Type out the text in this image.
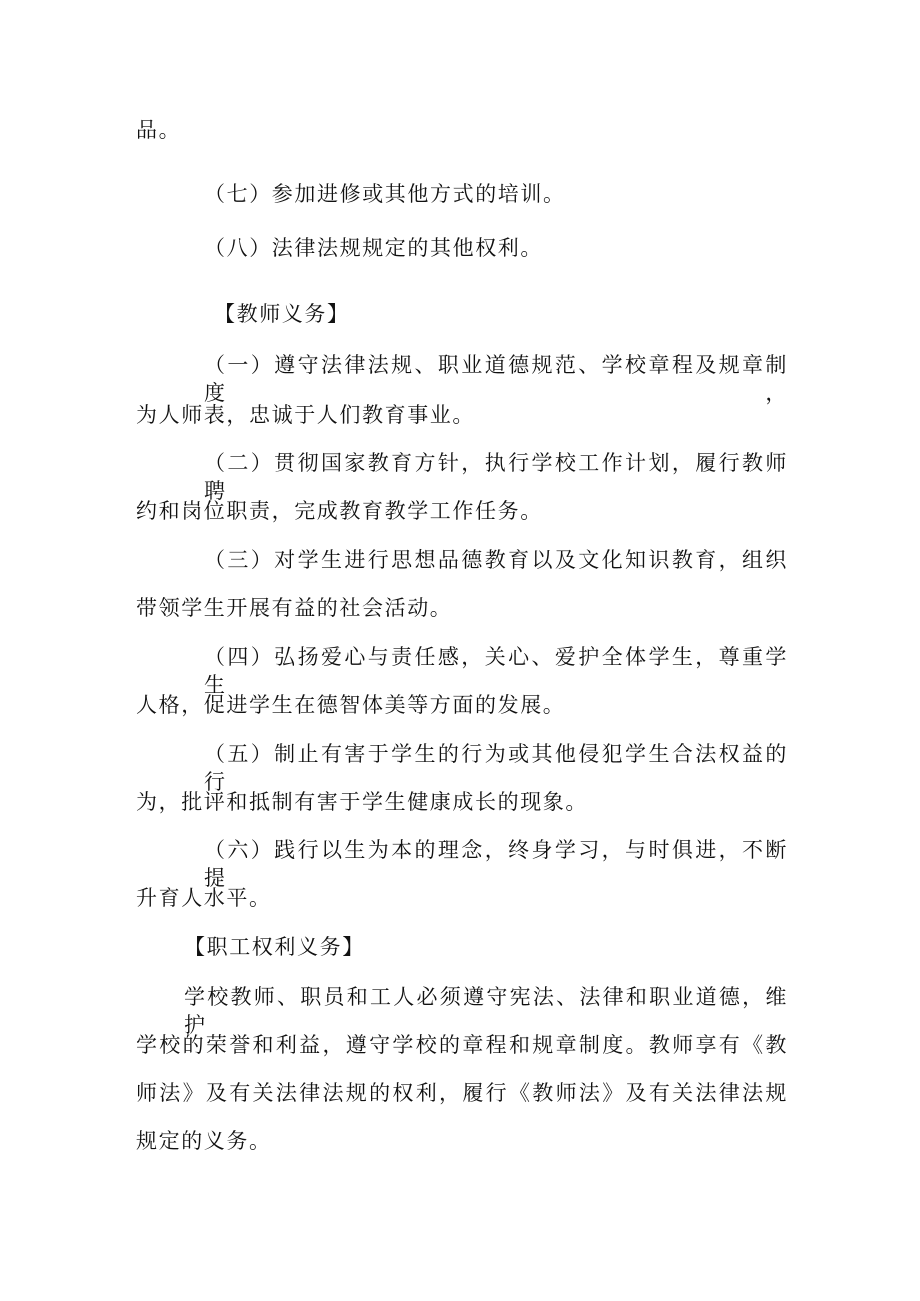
品。
（七）参加进修或其他方式的培训。
（八）法律法规规定的其他权利。
【教师义务】
（一）遵守法律法规、职业道德规范、学校章程及规章制度，
为人师表，忠诚于人们教育事业。
（二）贯彻国家教育方针，执行学校工作计划，履行教师聘
约和岗位职责，完成教育教学工作任务。
（三）对学生进行思想品德教育以及文化知识教育，组织
带领学生开展有益的社会活动。
（四）弘扬爱心与责任感，关心、爱护全体学生，尊重学生
人格，促进学生在德智体美等方面的发展。
（五）制止有害于学生的行为或其他侵犯学生合法权益的行
为，批评和抵制有害于学生健康成长的现象。
（六）践行以生为本的理念，终身学习，与时俱进，不断提
升育人水平。
【职工权利义务】
学校教师、职员和工人必须遵守宪法、法律和职业道德，维护
学校的荣誉和利益，遵守学校的章程和规章制度。教师享有《教
师法》及有关法律法规的权利，履行《教师法》及有关法律法规
规定的义务。
